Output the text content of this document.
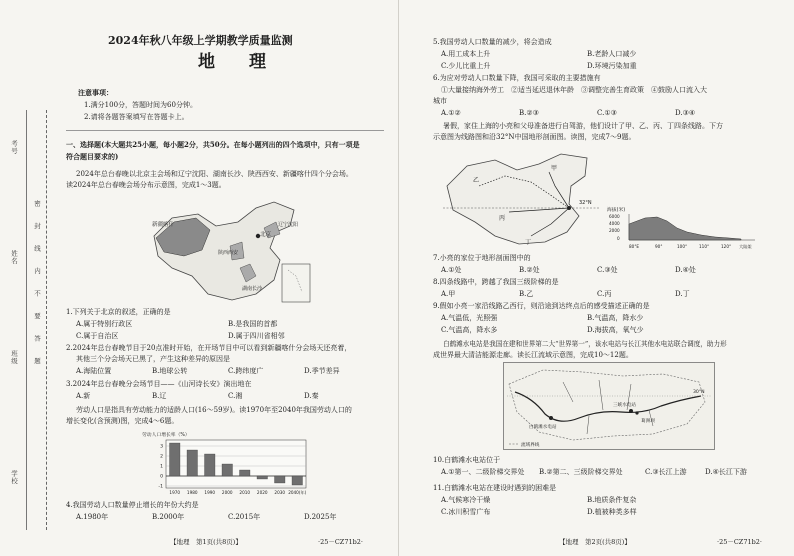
学校
班级
姓名
考号
密　　封　　线　　内　　不　　要　　答　　题
2024年秋八年级上学期教学质量监测
地　　理
注意事项：
1.满分100分，答题时间为60分钟。
2.请将各题答案填写在答题卡上。
一、选择题(本大题共25小题，每小题2分，共50分。在每小题列出的四个选项中，只有一项是
符合题目要求的)
2024年总台春晚以北京主会场和辽宁沈阳、湖南长沙、陕西西安、新疆喀什四个分会场。
读2024年总台春晚会场分布示意图，完成1～3题。
新疆喀什
北京
辽宁沈阳
陕西西安
湖南长沙
1.下列关于北京的叙述，正确的是
A.属于特别行政区	B.是我国的首都
C.属于自治区	D.属于四川省相邻
2.2024年总台春晚节目于20点准时开始，在开场节目中可以看到新疆喀什分会场天还亮着，
其他三个分会场天已黑了，产生这种差异的原因是
A.海陆位置	B.地球公转	C.跨纬度广	D.季节差异
3.2024年总台春晚分会场节目——《山河诗长安》演出地在
A.新	B.辽	C.湘	D.秦
劳动人口是指具有劳动能力的适龄人口(16～59岁)。读1970年至2040年我国劳动人口的
增长变化(含预测)图，完成4～6题。
劳动人口增长率（%）
3
2
1
0
-1
1970 1980 1990 2000 2010 2020 2030 2040(年)
4.我国劳动人口数量停止增长的年份大约是
A.1980年	B.2000年	C.2015年	D.2025年
【地理　第1页(共8页)】	·25－CZ71b2·
5.我国劳动人口数量的减少，将会造成
A.用工成本上升	B.老龄人口减少
C.少儿比重上升	D.环境污染加重
6.为应对劳动人口数量下降，我国可采取的主要措施有
①大量接纳海外劳工　②适当延迟退休年龄　③调整完善生育政策　④鼓励人口流入大
城市
A.①②	B.②③	C.①③	D.③④
暑假，家住上海的小亮和父母准备进行自驾游，他们设计了甲、乙、丙、丁四条线路。下方
示意图为线路图和沿32°N中国地形剖面图。读图，完成7～9题。
乙
甲
丙
丁
32°N
海拔(米)
6000
4000
2000
0
80°E	90°	100°	110°	120° 大陆架
7.小亮的家位于地形剖面图中的
A.①处	B.②处	C.③处	D.④处
8.四条线路中，跨越了我国三级阶梯的是
A.甲	B.乙	C.丙	D.丁
9.假如小亮一家沿线路乙西行，则沿途到达终点后的感受描述正确的是
A.气温低，光照强	B.气温高，降水少
C.气温高，降水多	D.海拔高，氧气少
白鹤滩水电站是我国在建和世界第二大“世界第一”，该水电站与长江其他水电站联合调度，助力形
成世界最大清洁能源走廊。读长江流域示意图，完成10～12题。
白鹤滩水电站
三峡水电站
葛洲坝
30°N
流域界线
10.白鹤滩水电站位于
A.①第一、二级阶梯交界处 B.②第二、三级阶梯交界处	C.③长江上游	D.④长江下游
11.白鹤滩水电站在建设时遇到的困难是
A.气候寒冷干燥	B.地质条件复杂
C.冰川积雪广布	D.植被种类多样
【地理　第2页(共8页)】	·25－CZ71b2·
